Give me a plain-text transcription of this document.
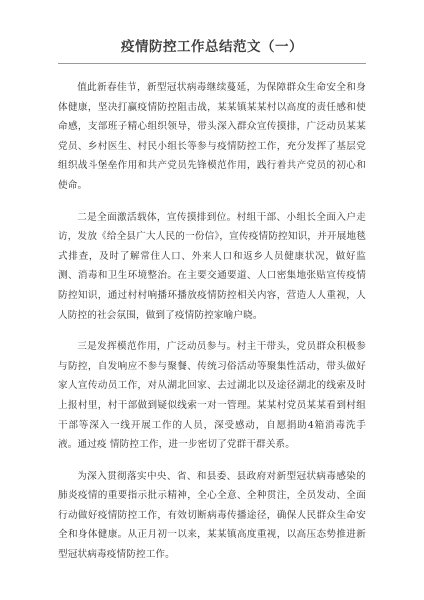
疫情防控工作总结范文（一）

值此新春佳节，新型冠状病毒继续蔓延，为保障群众生命安全和身体健康，坚决打赢疫情防控阻击战，某某镇某某村以高度的责任感和使命感，支部班子精心组织领导，带头深入群众宣传摸排，广泛动员某某党员、乡村医生、村民小组长等参与疫情防控工作，充分发挥了基层党组织战斗堡垒作用和共产党员先锋模范作用，践行着共产党员的初心和使命。

二是全面激活载体，宣传摸排到位。村组干部、小组长全面入户走访，发放《给全县广大人民的一份信》，宣传疫情防控知识，并开展地毯式排查，及时了解常住人口、外来人口和返乡人员健康状况，做好监测、消毒和卫生环境整治。在主要交通要道、人口密集地张贴宣传疫情防控知识，通过村村响播环播放疫情防控相关内容，营造人人重视，人人防控的社会氛围，做到了疫情防控家喻户晓。

三是发挥模范作用，广泛动员参与。村主干带头，党员群众积极参与防控，自发响应不参与聚餐、传统习俗活动等聚集性活动，带头做好家人宣传动员工作，对从湖北回家、去过湖北以及途径湖北的线索及时上报村里，村干部做到疑似线索一对一管理。某某村党员某某看到村组干部等深入一线开展工作的人员，深受感动，自愿捐助4箱消毒洗手液。通过疫 情防控工作，进一步密切了党群干群关系。

为深入贯彻落实中央、省、和县委、县政府对新型冠状病毒感染的肺炎疫情的重要指示批示精神，全心全意、全种贯注，全员发动、全面行动做好疫情防控工作，有效切断病毒传播途径，确保人民群众生命安全和身体健康。从正月初一以来，某某镇高度重视，以高压态势推进新型冠状病毒疫情防控工作。
